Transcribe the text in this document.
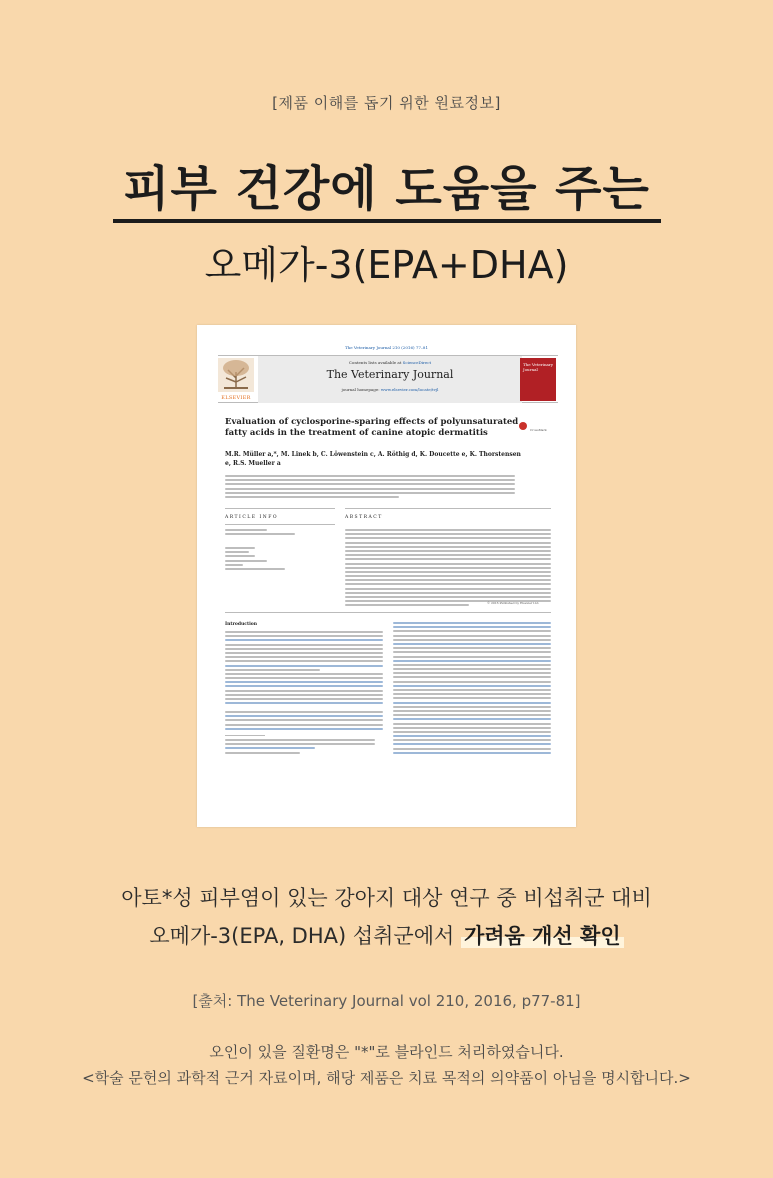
[제품 이해를 돕기 위한 원료정보]
피부 건강에 도움을 주는
오메가-3(EPA+DHA)
The Veterinary Journal 210 (2016) 77–81
ELSEVIER
Contents lists available at ScienceDirect
The Veterinary Journal
journal homepage: www.elsevier.com/locate/tvjl
The Veterinary Journal
Evaluation of cyclosporine-sparing effects of polyunsaturated fatty acids in the treatment of canine atopic dermatitis	CrossMark
M.R. Müller a,*, M. Linek b, C. Löwenstein c, A. Röthig d, K. Doucette e, K. Thorstensen e, R.S. Mueller a
ARTICLE INFO	ABSTRACT
© 2016 Published by Elsevier Ltd.
Introduction
아토*성 피부염이 있는 강아지 대상 연구 중 비섭취군 대비
오메가-3(EPA, DHA) 섭취군에서 가려움 개선 확인
[출처: The Veterinary Journal vol 210, 2016, p77-81]
오인이 있을 질환명은 "*"로 블라인드 처리하였습니다.
<학술 문헌의 과학적 근거 자료이며, 해당 제품은 치료 목적의 의약품이 아님을 명시합니다.>
